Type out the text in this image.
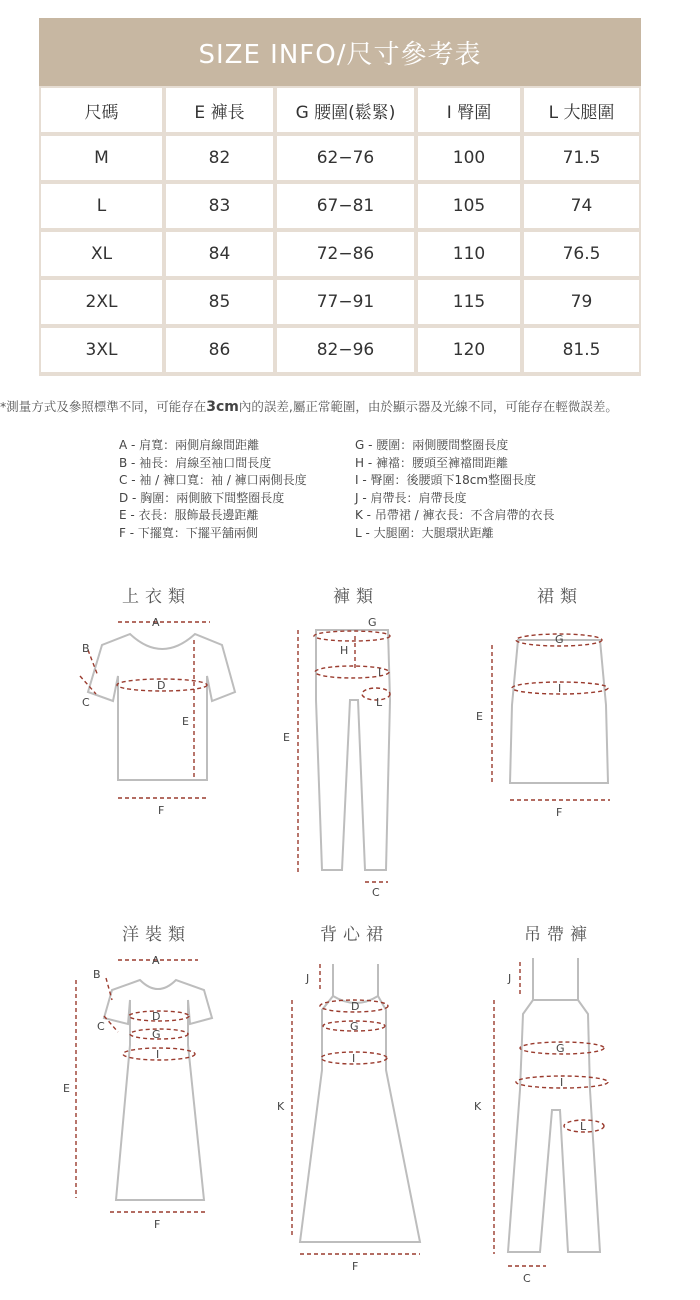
SIZE INFO/尺寸參考表
尺碼	E 褲長	G 腰圍(鬆緊)	I 臀圍	L 大腿圍
M	82	62−76	100	71.5
L	83	67−81	105	74
XL	84	72−86	110	76.5
2XL	85	77−91	115	79
3XL	86	82−96	120	81.5
*測量方式及參照標準不同，可能存在3cm內的誤差,屬正常範圍，由於顯示器及光線不同，可能存在輕微誤差。
A - 肩寬：兩側肩線間距離
B - 袖長：肩線至袖口間長度
C - 袖 / 褲口寬：袖 / 褲口兩側長度
D - 胸圍：兩側腋下間整圈長度
E - 衣長：服飾最長邊距離
F - 下擺寬：下擺平舖兩側
G - 腰圍：兩側腰間整圈長度
H - 褲襠：腰頭至褲襠間距離
I - 臀圍：後腰頭下18cm整圈長度
J - 肩帶長：肩帶長度
K - 吊帶裙 / 褲衣長：不含肩帶的衣長
L - 大腿圍：大腿環狀距離
上衣類	褲類	裙類
洋裝類	背心裙	吊帶褲
A
B
C
D
E
F
G
H
I
L
E
C
G
I
E
F
A
B
C
D
G
I
E
F
J
D
G
I
K
F
J
G
I
L
K
C
